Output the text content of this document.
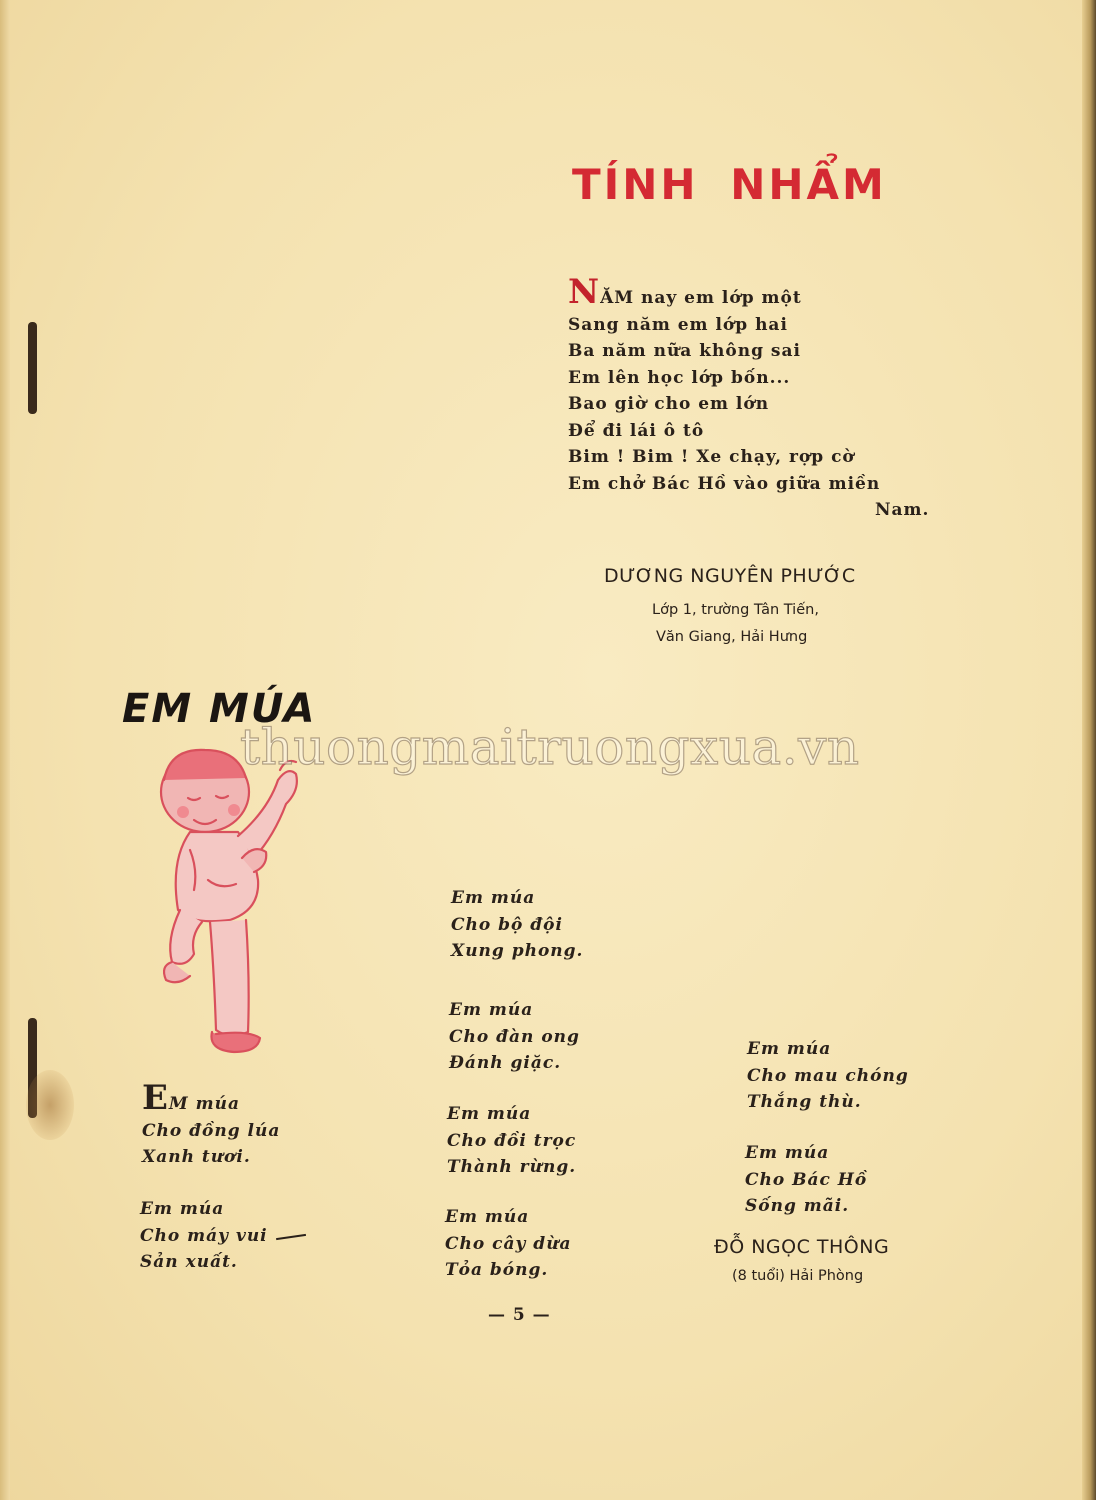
TÍNH NHẨM
NĂM nay em lớp một
Sang năm em lớp hai
Ba năm nữa không sai
Em lên học lớp bốn...
Bao giờ cho em lớn
Để đi lái ô tô
Bim ! Bim ! Xe chạy, rợp cờ
Em chở Bác Hồ vào giữa miền
Nam.
DƯƠNG NGUYÊN PHƯỚC
Lớp 1, trường Tân Tiến,
Văn Giang, Hải Hưng
EM MÚA
thuongmaitruongxua.vn
EM múa
Cho đồng lúa
Xanh tươi.
Em múa
Cho máy vui
Sản xuất.
Em múa
Cho bộ đội
Xung phong.
Em múa
Cho đàn ong
Đánh giặc.
Em múa
Cho đồi trọc
Thành rừng.
Em múa
Cho cây dừa
Tỏa bóng.
Em múa
Cho mau chóng
Thắng thù.
Em múa
Cho Bác Hồ
Sống mãi.
ĐỖ NGỌC THÔNG
(8 tuổi) Hải Phòng
— 5 —
